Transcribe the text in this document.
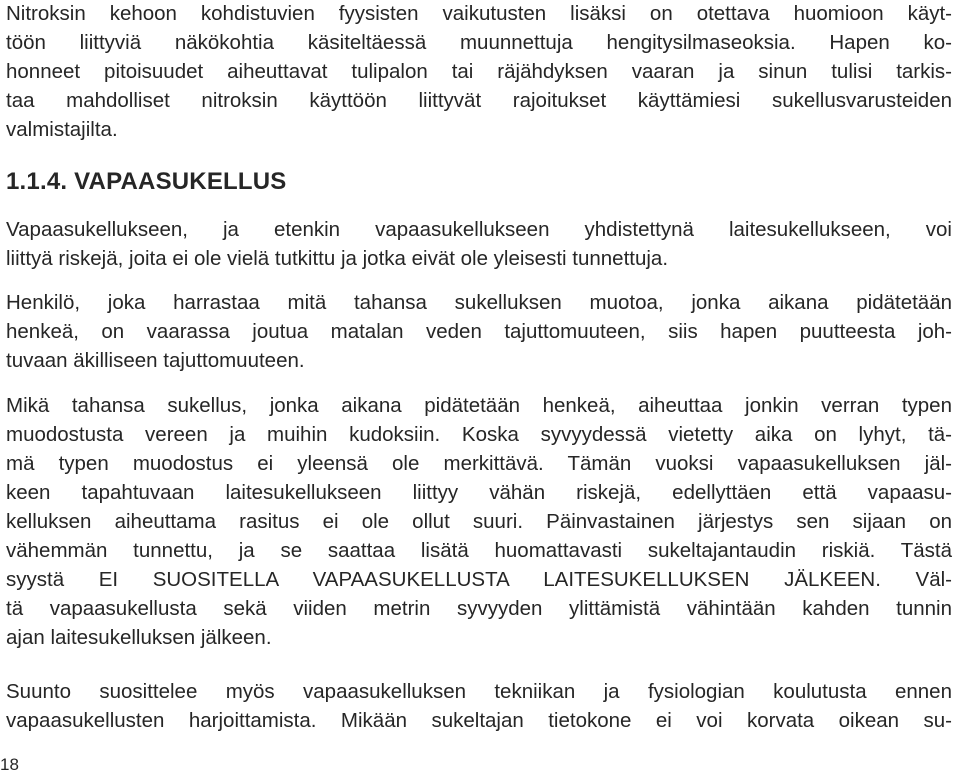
Nitroksin kehoon kohdistuvien fyysisten vaikutusten lisäksi on otettava huomioon käyt-
töön liittyviä näkökohtia käsiteltäessä muunnettuja hengitysilmaseoksia. Hapen ko-
honneet pitoisuudet aiheuttavat tulipalon tai räjähdyksen vaaran ja sinun tulisi tarkis-
taa mahdolliset nitroksin käyttöön liittyvät rajoitukset käyttämiesi sukellusvarusteiden
valmistajilta.
1.1.4. VAPAASUKELLUS
Vapaasukellukseen, ja etenkin vapaasukellukseen yhdistettynä laitesukellukseen, voi
liittyä riskejä, joita ei ole vielä tutkittu ja jotka eivät ole yleisesti tunnettuja.
Henkilö, joka harrastaa mitä tahansa sukelluksen muotoa, jonka aikana pidätetään
henkeä, on vaarassa joutua matalan veden tajuttomuuteen, siis hapen puutteesta joh-
tuvaan äkilliseen tajuttomuuteen.
Mikä tahansa sukellus, jonka aikana pidätetään henkeä, aiheuttaa jonkin verran typen
muodostusta vereen ja muihin kudoksiin. Koska syvyydessä vietetty aika on lyhyt, tä-
mä typen muodostus ei yleensä ole merkittävä. Tämän vuoksi vapaasukelluksen jäl-
keen tapahtuvaan laitesukellukseen liittyy vähän riskejä, edellyttäen että vapaasu-
kelluksen aiheuttama rasitus ei ole ollut suuri. Päinvastainen järjestys sen sijaan on
vähemmän tunnettu, ja se saattaa lisätä huomattavasti sukeltajantaudin riskiä. Tästä
syystä EI SUOSITELLA VAPAASUKELLUSTA LAITESUKELLUKSEN JÄLKEEN. Väl-
tä vapaasukellusta sekä viiden metrin syvyyden ylittämistä vähintään kahden tunnin
ajan laitesukelluksen jälkeen.
Suunto suosittelee myös vapaasukelluksen tekniikan ja fysiologian koulutusta ennen
vapaasukellusten harjoittamista. Mikään sukeltajan tietokone ei voi korvata oikean su-
18
